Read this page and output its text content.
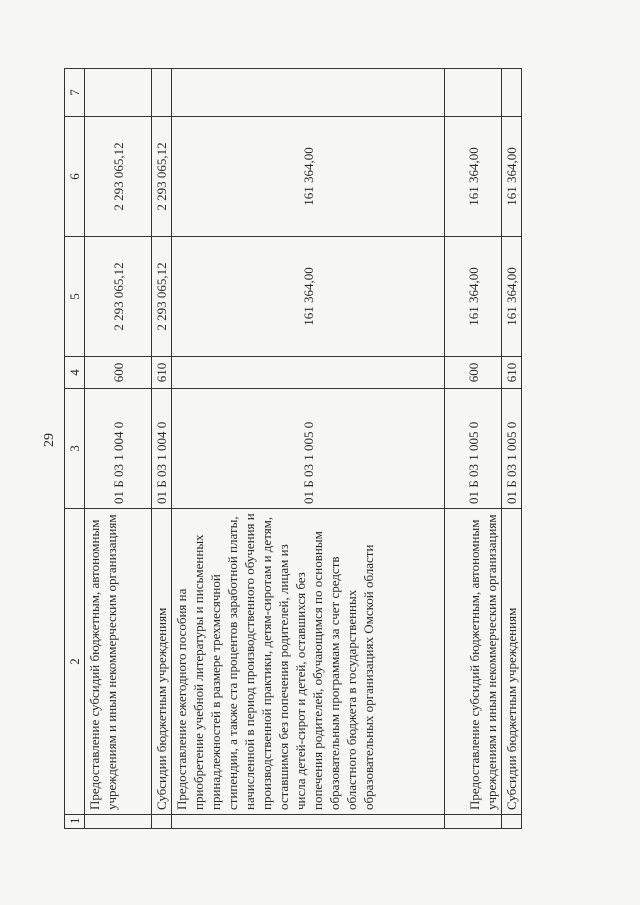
29
1	2	3	4	5	6	7
	Предоставление субсидий бюджетным, автономным учреждениям и иным некоммерческим организациям	01 Б 03 1 004 0	600	2 293 065,12	2 293 065,12	
	Субсидии бюджетным учреждениям	01 Б 03 1 004 0	610	2 293 065,12	2 293 065,12	
	Предоставление ежегодного пособия на приобретение учебной литературы и письменных принадлежностей в размере трехмесячной стипендии, а также ста процентов заработной платы, начисленной в период производственного обучения и производственной практики, детям-сиротам и детям, оставшимся без попечения родителей, лицам из числа детей-сирот и детей, оставшихся без попечения родителей, обучающимся по основным образовательным программам за счет средств областного бюджета в государственных образовательных организациях Омской области	01 Б 03 1 005 0		161 364,00	161 364,00	
	Предоставление субсидий бюджетным, автономным учреждениям и иным некоммерческим организациям	01 Б 03 1 005 0	600	161 364,00	161 364,00	
	Субсидии бюджетным учреждениям	01 Б 03 1 005 0	610	161 364,00	161 364,00	
